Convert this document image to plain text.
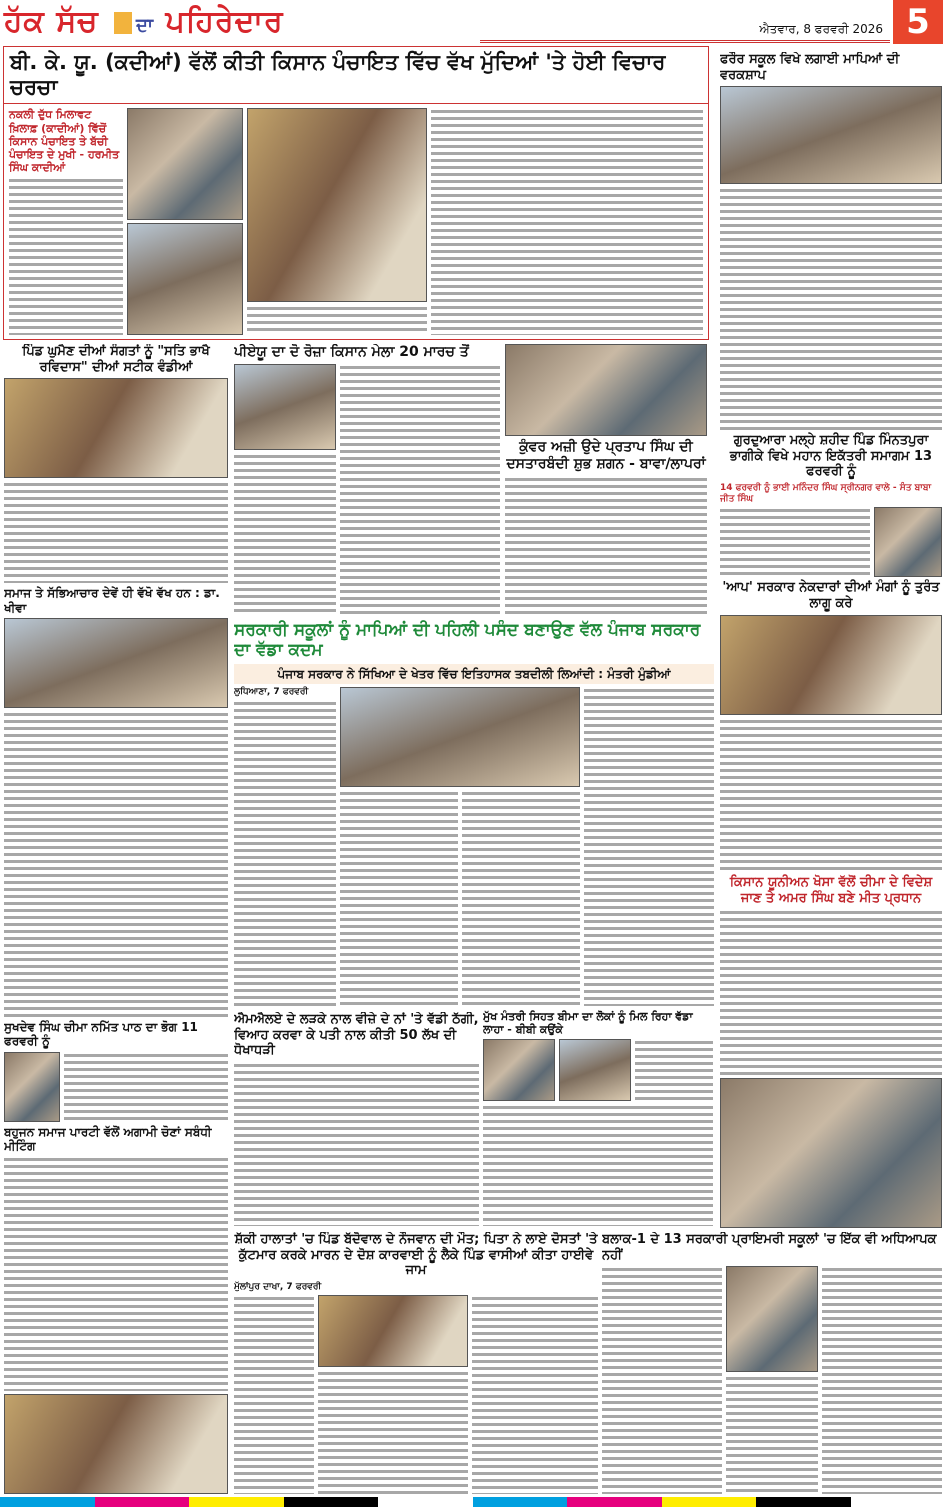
ਹੱਕ ਸੱਚ ਦਾ ਪਹਿਰੇਦਾਰ	ਐਤਵਾਰ, 8 ਫਰਵਰੀ 2026 5
ਬੀ. ਕੇ. ਯੂ. (ਕਦੀਆਂ) ਵੱਲੋਂ ਕੀਤੀ ਕਿਸਾਨ ਪੰਚਾਇਤ ਵਿੱਚ ਵੱਖ ਮੁੱਦਿਆਂ 'ਤੇ ਹੋਈ ਵਿਚਾਰ ਚਰਚਾ
ਨਕਲੀ ਦੁੱਧ ਮਿਲਾਵਟ ਖ਼ਿਲਾਫ਼ (ਕਾਦੀਆਂ) ਵਿੱਚੋਂ ਕਿਸਾਨ ਪੰਚਾਇਤ ਤੇ ਬੱਚੀ ਪੰਚਾਇਤ ਦੇ ਮੁਖੀ - ਹਰਮੀਤ ਸਿੰਘ ਕਾਦੀਆਂ
ਫਰੌਰ ਸਕੂਲ ਵਿਖੇ ਲਗਾਈ ਮਾਪਿਆਂ ਦੀ ਵਰਕਸ਼ਾਪ
ਗੁਰਦੁਆਰਾ ਮਲ੍ਹੇ ਸ਼ਹੀਦ ਪਿੰਡ ਮਿੰਨਤਪੁਰਾ ਭਾਗੀਕੇ ਵਿਖੇ ਮਹਾਨ ਇਕੱਤਰੀ ਸਮਾਗਮ 13 ਫਰਵਰੀ ਨੂੰ
14 ਫਰਵਰੀ ਨੂੰ ਭਾਈ ਮਨਿੰਦਰ ਸਿੰਘ ਸ੍ਰੀਨਗਰ ਵਾਲੇ - ਸੰਤ ਬਾਬਾ ਜੀਤ ਸਿੰਘ
'ਆਪ' ਸਰਕਾਰ ਨੇਕਦਾਰਾਂ ਦੀਆਂ ਮੰਗਾਂ ਨੂੰ ਤੁਰੰਤ ਲਾਗੂ ਕਰੇ
ਕਿਸਾਨ ਯੂਨੀਅਨ ਖੋਸਾ ਵੱਲੋਂ ਚੀਮਾ ਦੇ ਵਿਦੇਸ਼ ਜਾਣ ਤੇ ਅਮਰ ਸਿੰਘ ਬਣੇ ਮੀਤ ਪ੍ਰਧਾਨ
ਪਿੰਡ ਘੁਮੈਣ ਦੀਆਂ ਸੰਗਤਾਂ ਨੂੰ "ਸਤਿ ਭਾਖੈ ਰਵਿਦਾਸ" ਦੀਆਂ ਸਟੀਕ ਵੰਡੀਆਂ
ਸਮਾਜ ਤੇ ਸੱਭਿਆਚਾਰ ਦੇਵੇਂ ਹੀ ਵੱਖੋ ਵੱਖ ਹਨ : ਡਾ. ਖੀਵਾ
ਸੁਖਦੇਵ ਸਿੰਘ ਚੀਮਾ ਨਮਿੱਤ ਪਾਠ ਦਾ ਭੋਗ 11 ਫਰਵਰੀ ਨੂੰ
ਬਹੁਜਨ ਸਮਾਜ ਪਾਰਟੀ ਵੱਲੋਂ ਅਗਾਮੀ ਚੋਣਾਂ ਸਬੰਧੀ ਮੀਟਿੰਗ
ਪੀਏਯੂ ਦਾ ਦੋ ਰੋਜ਼ਾ ਕਿਸਾਨ ਮੇਲਾ 20 ਮਾਰਚ ਤੋਂ
ਕੁੰਵਰ ਅਜ਼ੀ ਉਦੇ ਪ੍ਰਤਾਪ ਸਿੰਘ ਦੀ ਦਸਤਾਰਬੰਦੀ ਸ਼ੁਭ ਸ਼ਗਨ - ਬਾਵਾ/ਲਾਪਰਾਂ
ਸਰਕਾਰੀ ਸਕੂਲਾਂ ਨੂੰ ਮਾਪਿਆਂ ਦੀ ਪਹਿਲੀ ਪਸੰਦ ਬਣਾਉਣ ਵੱਲ ਪੰਜਾਬ ਸਰਕਾਰ ਦਾ ਵੱਡਾ ਕਦਮ
ਪੰਜਾਬ ਸਰਕਾਰ ਨੇ ਸਿੱਖਿਆ ਦੇ ਖੇਤਰ ਵਿੱਚ ਇਤਿਹਾਸਕ ਤਬਦੀਲੀ ਲਿਆਂਦੀ : ਮੰਤਰੀ ਮੁੰਡੀਆਂ
ਲੁਧਿਆਣਾ, 7 ਫਰਵਰੀ
ਮੁੱਖ ਮੰਤਰੀ ਸਿਹਤ ਬੀਮਾ ਦਾ ਲੋਕਾਂ ਨੂੰ ਮਿਲ ਰਿਹਾ ਵੱਡਾ ਲਾਹਾ - ਬੀਬੀ ਕਉਂਕੇ
ਐਮਐਲਏ ਦੇ ਲੜਕੇ ਨਾਲ ਵੀਜ਼ੇ ਦੇ ਨਾਂ 'ਤੇ ਵੱਡੀ ਠੱਗੀ, ਵਿਆਹ ਕਰਵਾ ਕੇ ਪਤੀ ਨਾਲ ਕੀਤੀ 50 ਲੱਖ ਦੀ ਧੋਖਾਧੜੀ
ਸ਼ੱਕੀ ਹਾਲਾਤਾਂ 'ਚ ਪਿੰਡ ਬੱਦੋਵਾਲ ਦੇ ਨੌਜਵਾਨ ਦੀ ਮੌਤ; ਪਿਤਾ ਨੇ ਲਾਏ ਦੋਸਤਾਂ 'ਤੇ ਕੁੱਟਮਾਰ ਕਰਕੇ ਮਾਰਨ ਦੇ ਦੋਸ਼ ਕਾਰਵਾਈ ਨੂੰ ਲੈਕੇ ਪਿੰਡ ਵਾਸੀਆਂ ਕੀਤਾ ਹਾਈਵੇ ਜਾਮ
ਮੁੱਲਾਂਪੁਰ ਦਾਖਾ, 7 ਫਰਵਰੀ
ਬਲਾਕ-1 ਦੇ 13 ਸਰਕਾਰੀ ਪ੍ਰਾਇਮਰੀ ਸਕੂਲਾਂ 'ਚ ਇੱਕ ਵੀ ਅਧਿਆਪਕ ਨਹੀਂ
